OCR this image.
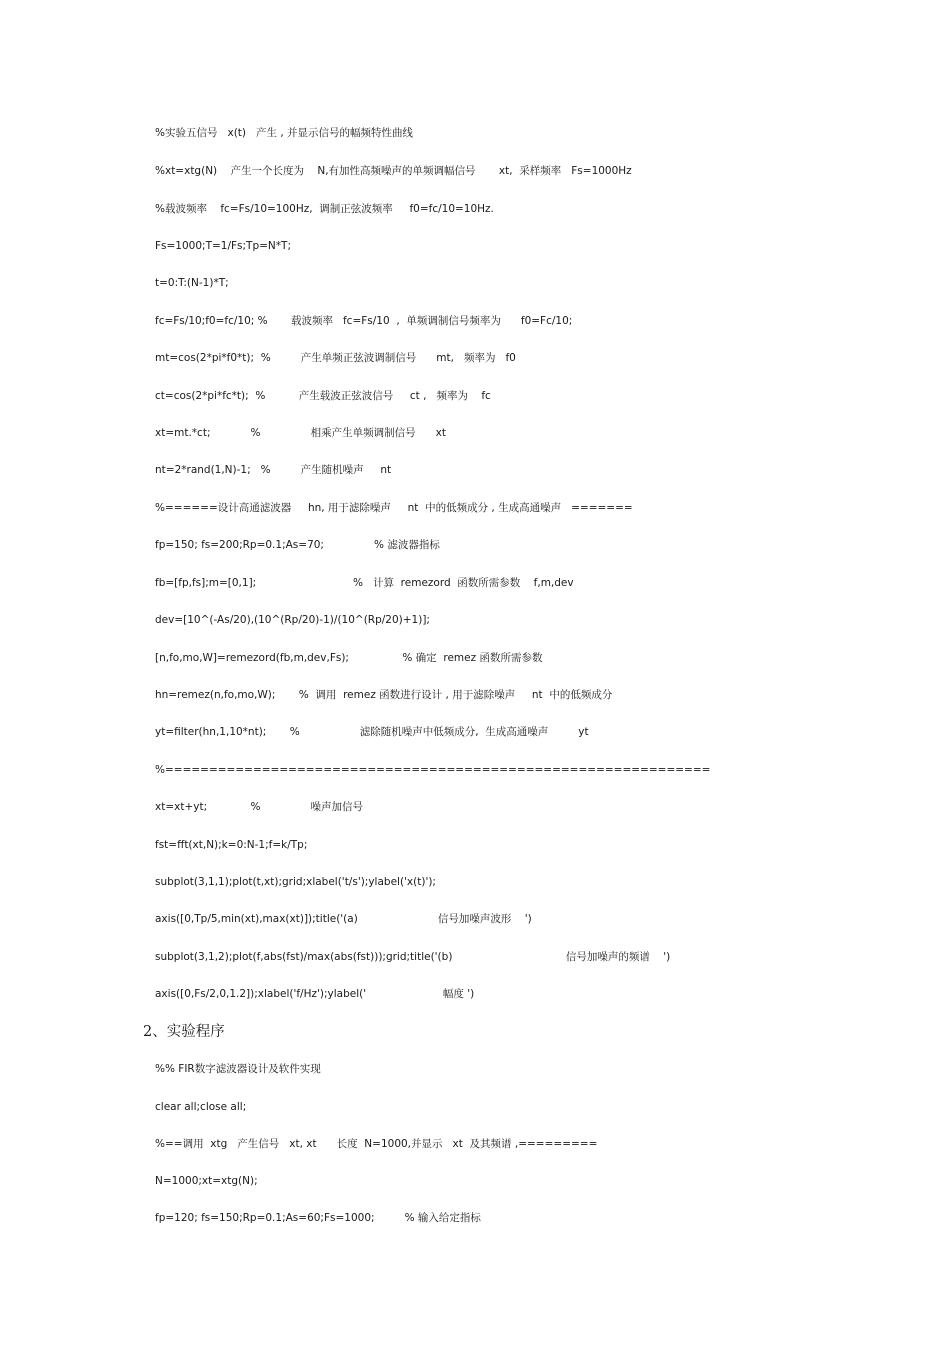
%实验五信号   x(t)   产生 , 并显示信号的幅频特性曲线
%xt=xtg(N)    产生一个长度为    N,有加性高频噪声的单频调幅信号       xt,  采样频率   Fs=1000Hz
%载波频率    fc=Fs/10=100Hz,  调制正弦波频率     f0=fc/10=10Hz.
Fs=1000;T=1/Fs;Tp=N*T;
t=0:T:(N-1)*T;
fc=Fs/10;f0=fc/10; %       载波频率   fc=Fs/10  ,  单频调制信号频率为      f0=Fc/10;
mt=cos(2*pi*f0*t);  %         产生单频正弦波调制信号      mt,   频率为   f0
ct=cos(2*pi*fc*t);  %          产生载波正弦波信号     ct ,   频率为    fc
xt=mt.*ct;            %               相乘产生单频调制信号      xt
nt=2*rand(1,N)-1;   %         产生随机噪声     nt
%======设计高通滤波器     hn, 用于滤除噪声     nt  中的低频成分 , 生成高通噪声   =======
fp=150; fs=200;Rp=0.1;As=70;               % 滤波器指标
fb=[fp,fs];m=[0,1];                             %   计算  remezord  函数所需参数    f,m,dev
dev=[10^(-As/20),(10^(Rp/20)-1)/(10^(Rp/20)+1)];
[n,fo,mo,W]=remezord(fb,m,dev,Fs);                % 确定  remez 函数所需参数
hn=remez(n,fo,mo,W);       %  调用  remez 函数进行设计 , 用于滤除噪声     nt  中的低频成分
yt=filter(hn,1,10*nt);       %                  滤除随机噪声中低频成分,  生成高通噪声         yt
%==============================================================
xt=xt+yt;             %               噪声加信号
fst=fft(xt,N);k=0:N-1;f=k/Tp;
subplot(3,1,1);plot(t,xt);grid;xlabel('t/s');ylabel('x(t)');
axis([0,Tp/5,min(xt),max(xt)]);title('(a)                        信号加噪声波形    ')
subplot(3,1,2);plot(f,abs(fst)/max(abs(fst)));grid;title('(b)                                  信号加噪声的频谱    ')
axis([0,Fs/2,0,1.2]);xlabel('f/Hz');ylabel('                       幅度 ')
2、实验程序
%% FIR数字滤波器设计及软件实现
clear all;close all;
%==调用  xtg   产生信号   xt, xt      长度  N=1000,并显示   xt  及其频谱 ,=========
N=1000;xt=xtg(N);
fp=120; fs=150;Rp=0.1;As=60;Fs=1000;         % 输入给定指标
